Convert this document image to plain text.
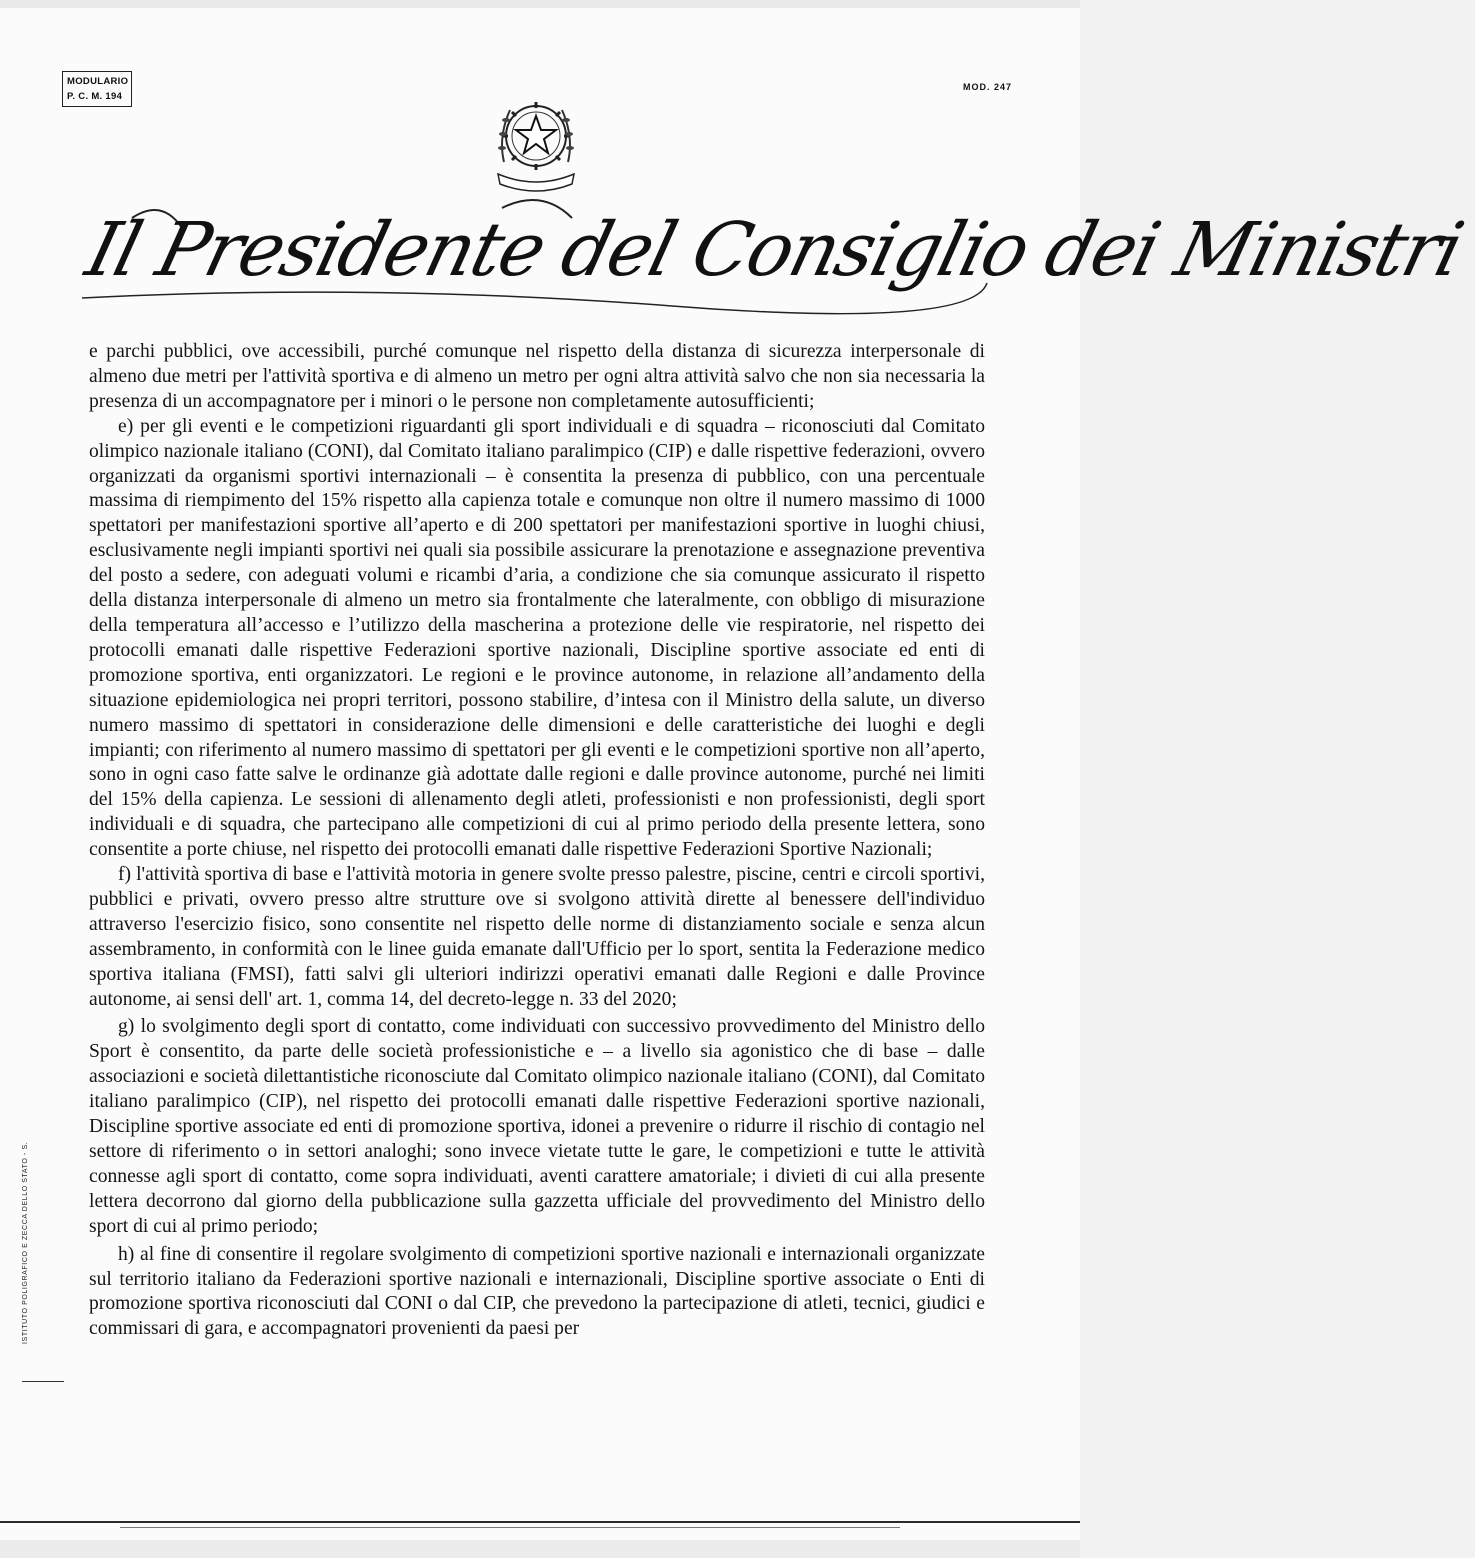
MODULARIO
P. C. M. 194
MOD. 247
Il Presidente del Consiglio dei Ministri

e parchi pubblici, ove accessibili, purché comunque nel rispetto della distanza di sicurezza interpersonale di almeno due metri per l'attività sportiva e di almeno un metro per ogni altra attività salvo che non sia necessaria la presenza di un accompagnatore per i minori o le persone non completamente autosufficienti;

e) per gli eventi e le competizioni riguardanti gli sport individuali e di squadra – riconosciuti dal Comitato olimpico nazionale italiano (CONI), dal Comitato italiano paralimpico (CIP) e dalle rispettive federazioni, ovvero organizzati da organismi sportivi internazionali – è consentita la presenza di pubblico, con una percentuale massima di riempimento del 15% rispetto alla capienza totale e comunque non oltre il numero massimo di 1000 spettatori per manifestazioni sportive all’aperto e di 200 spettatori per manifestazioni sportive in luoghi chiusi, esclusivamente negli impianti sportivi nei quali sia possibile assicurare la prenotazione e assegnazione preventiva del posto a sedere, con adeguati volumi e ricambi d’aria, a condizione che sia comunque assicurato il rispetto della distanza interpersonale di almeno un metro sia frontalmente che lateralmente, con obbligo di misurazione della temperatura all’accesso e l’utilizzo della mascherina a protezione delle vie respiratorie, nel rispetto dei protocolli emanati dalle rispettive Federazioni sportive nazionali, Discipline sportive associate ed enti di promozione sportiva, enti organizzatori. Le regioni e le province autonome, in relazione all’andamento della situazione epidemiologica nei propri territori, possono stabilire, d’intesa con il Ministro della salute, un diverso numero massimo di spettatori in considerazione delle dimensioni e delle caratteristiche dei luoghi e degli impianti; con riferimento al numero massimo di spettatori per gli eventi e le competizioni sportive non all’aperto, sono in ogni caso fatte salve le ordinanze già adottate dalle regioni e dalle province autonome, purché nei limiti del 15% della capienza. Le sessioni di allenamento degli atleti, professionisti e non professionisti, degli sport individuali e di squadra, che partecipano alle competizioni di cui al primo periodo della presente lettera, sono consentite a porte chiuse, nel rispetto dei protocolli emanati dalle rispettive Federazioni Sportive Nazionali;

f) l'attività sportiva di base e l'attività motoria in genere svolte presso palestre, piscine, centri e circoli sportivi, pubblici e privati, ovvero presso altre strutture ove si svolgono attività dirette al benessere dell'individuo attraverso l'esercizio fisico, sono consentite nel rispetto delle norme di distanziamento sociale e senza alcun assembramento, in conformità con le linee guida emanate dall'Ufficio per lo sport, sentita la Federazione medico sportiva italiana (FMSI), fatti salvi gli ulteriori indirizzi operativi emanati dalle Regioni e dalle Province autonome, ai sensi dell' art. 1, comma 14, del decreto-legge n. 33 del 2020;

g) lo svolgimento degli sport di contatto, come individuati con successivo provvedimento del Ministro dello Sport è consentito, da parte delle società professionistiche e – a livello sia agonistico che di base – dalle associazioni e società dilettantistiche riconosciute dal Comitato olimpico nazionale italiano (CONI), dal Comitato italiano paralimpico (CIP), nel rispetto dei protocolli emanati dalle rispettive Federazioni sportive nazionali, Discipline sportive associate ed enti di promozione sportiva, idonei a prevenire o ridurre il rischio di contagio nel settore di riferimento o in settori analoghi; sono invece vietate tutte le gare, le competizioni e tutte le attività connesse agli sport di contatto, come sopra individuati, aventi carattere amatoriale; i divieti di cui alla presente lettera decorrono dal giorno della pubblicazione sulla gazzetta ufficiale del provvedimento del Ministro dello sport di cui al primo periodo;

h) al fine di consentire il regolare svolgimento di competizioni sportive nazionali e internazionali organizzate sul territorio italiano da Federazioni sportive nazionali e internazionali, Discipline sportive associate o Enti di promozione sportiva riconosciuti dal CONI o dal CIP, che prevedono la partecipazione di atleti, tecnici, giudici e commissari di gara, e accompagnatori provenienti da paesi per

ISTITUTO POLIGRAFICO E ZECCA DELLO STATO - S.
